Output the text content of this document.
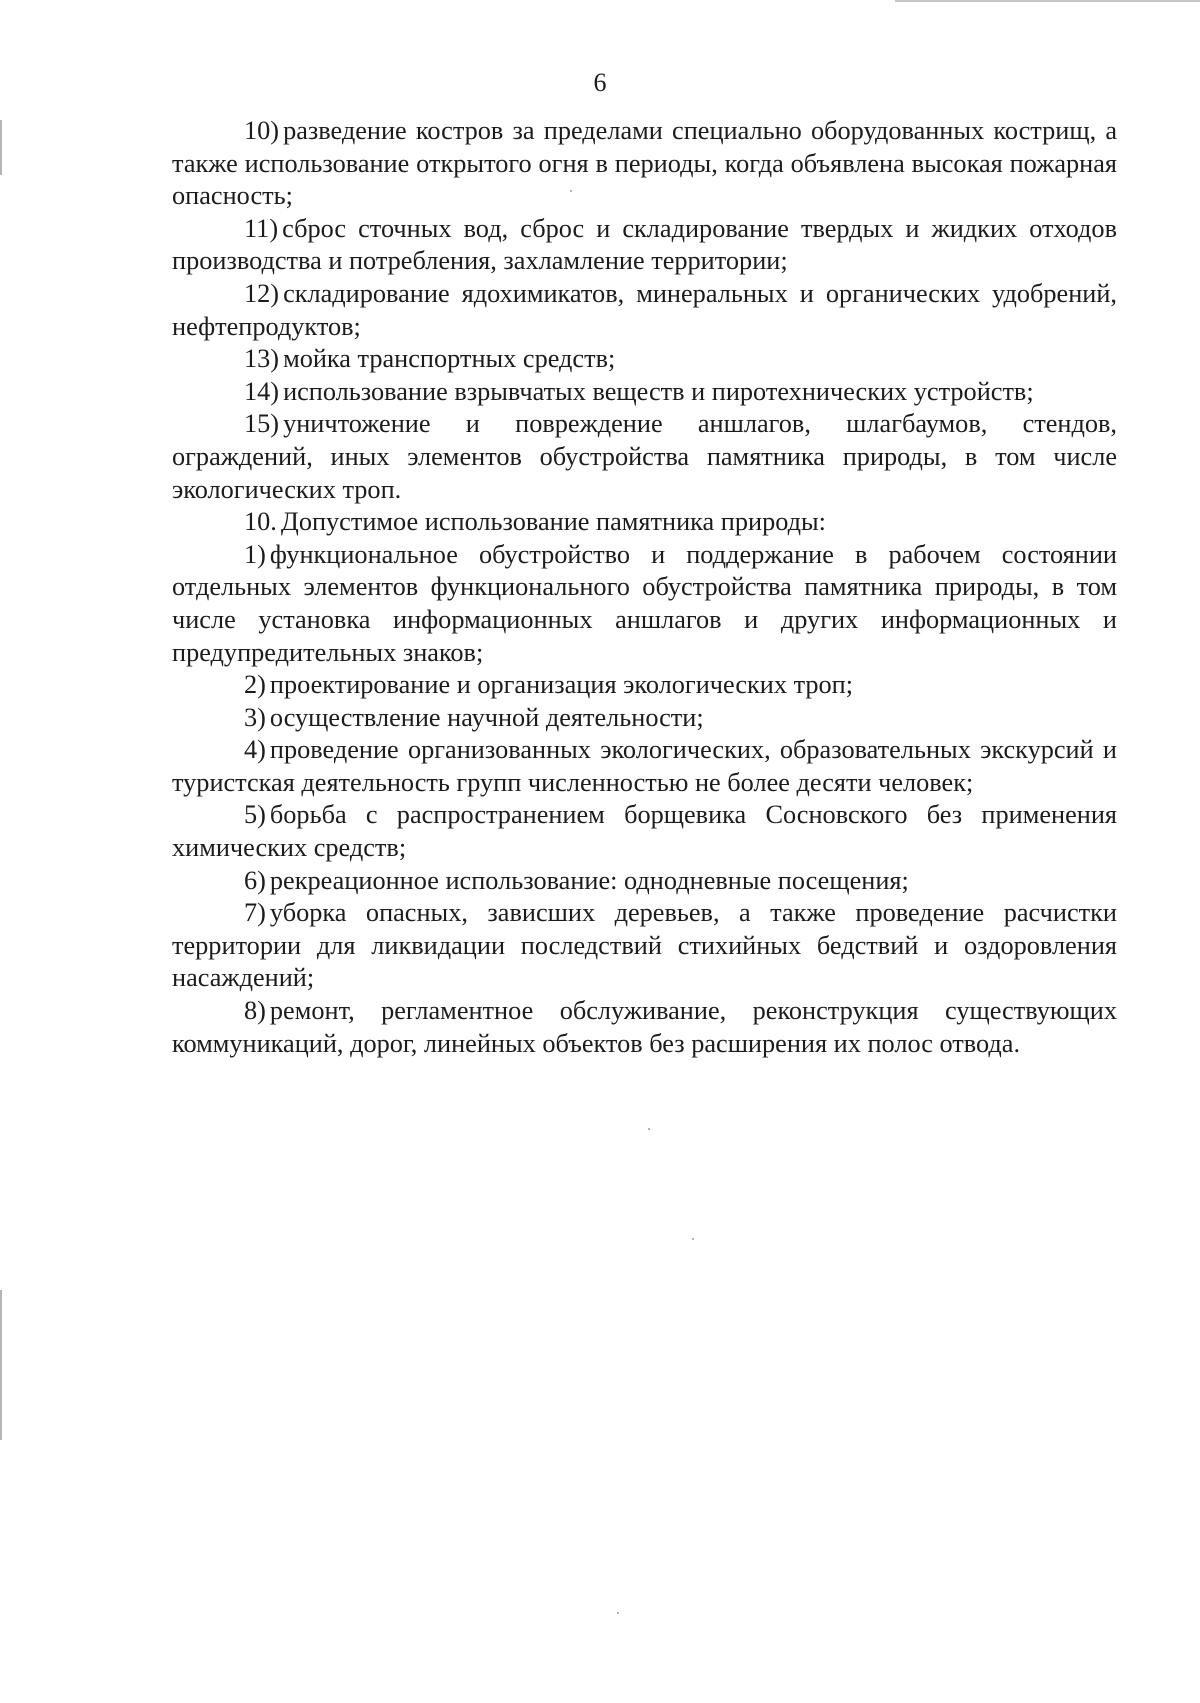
6

10) разведение костров за пределами специально оборудованных кострищ, а также использование открытого огня в периоды, когда объявлена высокая пожарная опасность;

11) сброс сточных вод, сброс и складирование твердых и жидких отходов производства и потребления, захламление территории;

12) складирование ядохимикатов, минеральных и органических удобрений, нефтепродуктов;

13) мойка транспортных средств;

14) использование взрывчатых веществ и пиротехнических устройств;

15) уничтожение и повреждение аншлагов, шлагбаумов, стендов, ограждений, иных элементов обустройства памятника природы, в том числе экологических троп.

10. Допустимое использование памятника природы:

1) функциональное обустройство и поддержание в рабочем состоянии отдельных элементов функционального обустройства памятника природы, в том числе установка информационных аншлагов и других информационных и предупредительных знаков;

2) проектирование и организация экологических троп;

3) осуществление научной деятельности;

4) проведение организованных экологических, образовательных экскурсий и туристская деятельность групп численностью не более десяти человек;

5) борьба с распространением борщевика Сосновского без применения химических средств;

6) рекреационное использование: однодневные посещения;

7) уборка опасных, зависших деревьев, а также проведение расчистки территории для ликвидации последствий стихийных бедствий и оздоровления насаждений;

8) ремонт, регламентное обслуживание, реконструкция существующих коммуникаций, дорог, линейных объектов без расширения их полос отвода.
